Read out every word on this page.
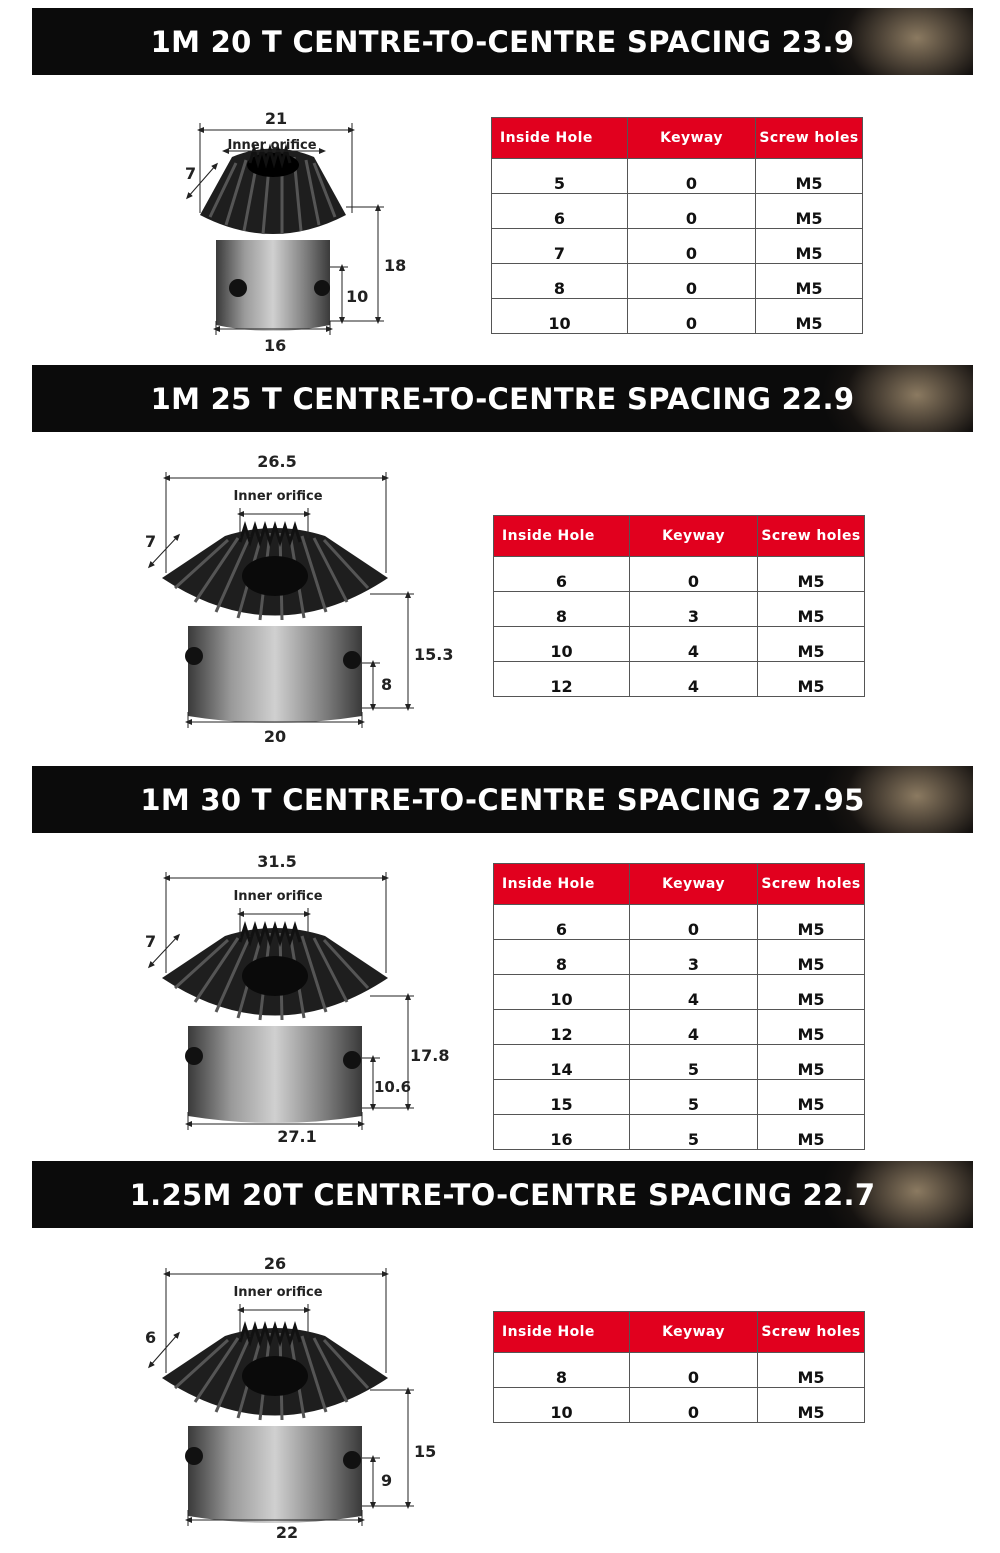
1M 20 T CENTRE-TO-CENTRE SPACING 23.9
21
Inner orifice
7
18
10
16
Inside Hole	Keyway	Screw holes
5	0	M5
6	0	M5
7	0	M5
8	0	M5
10	0	M5
1M 25 T CENTRE-TO-CENTRE SPACING 22.9
26.5
Inner orifice
7
15.3
8
20
Inside Hole	Keyway	Screw holes
6	0	M5
8	3	M5
10	4	M5
12	4	M5
1M 30 T CENTRE-TO-CENTRE SPACING 27.95
31.5
Inner orifice
7
17.8
10.6
27.1
Inside Hole	Keyway	Screw holes
6	0	M5
8	3	M5
10	4	M5
12	4	M5
14	5	M5
15	5	M5
16	5	M5
1.25M 20T CENTRE-TO-CENTRE SPACING 22.7
26
Inner orifice
6
15
9
22
Inside Hole	Keyway	Screw holes
8	0	M5
10	0	M5
